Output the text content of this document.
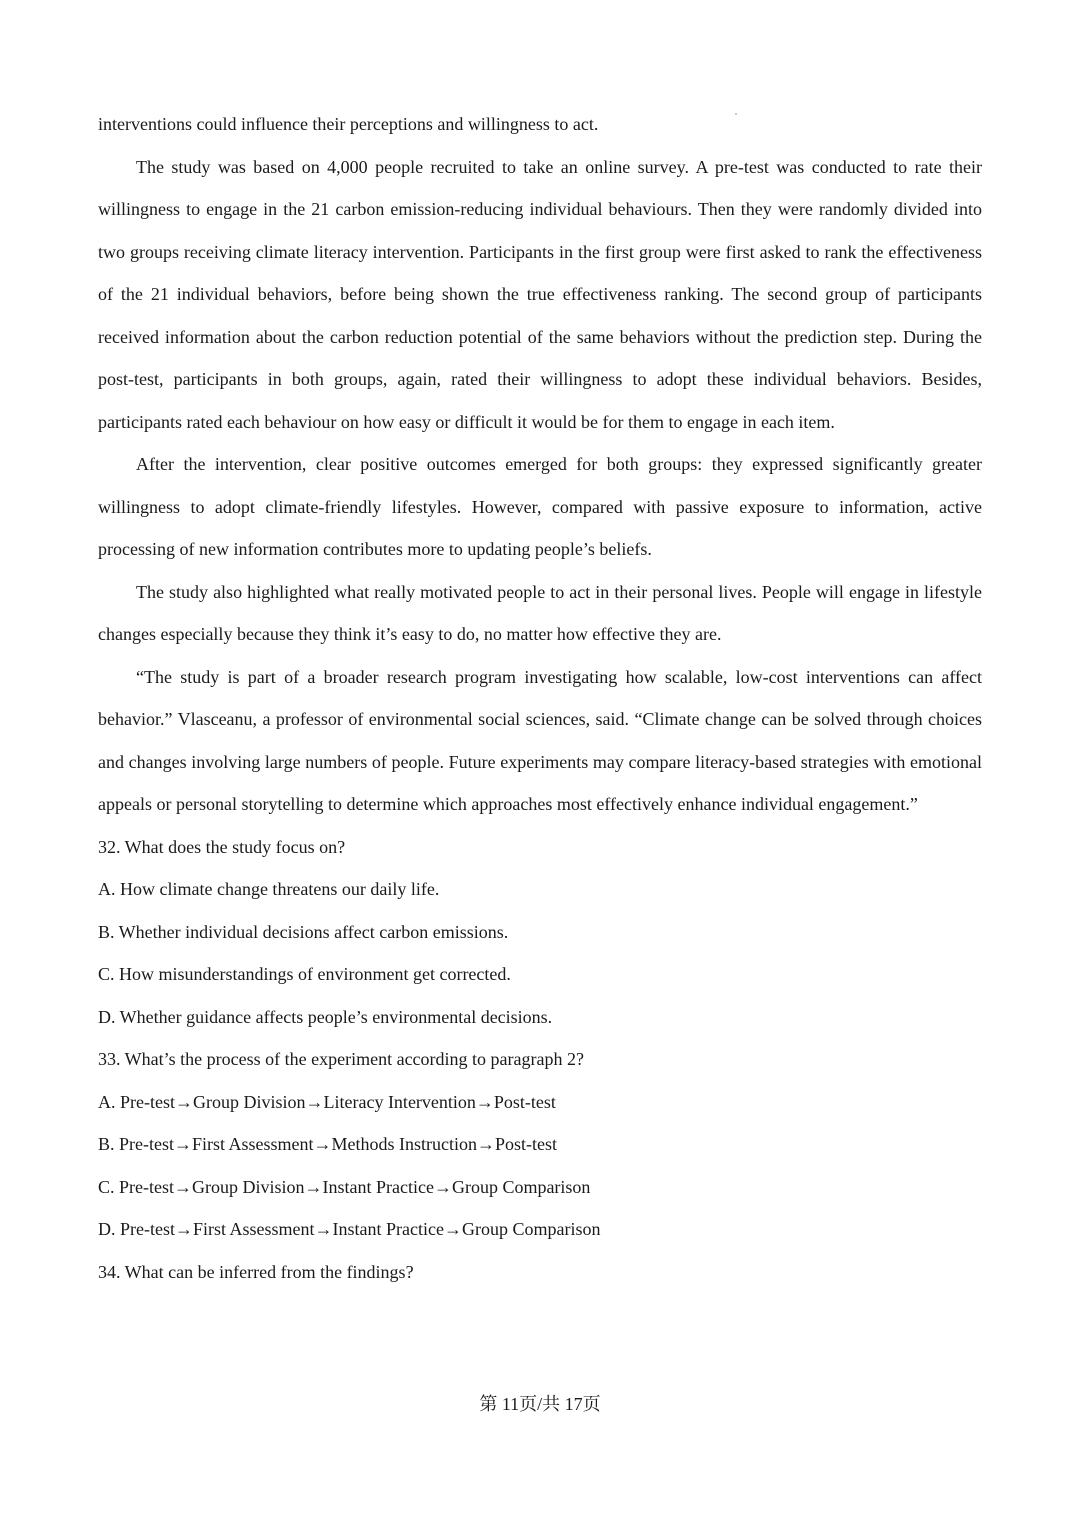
interventions could influence their perceptions and willingness to act.

The study was based on 4,000 people recruited to take an online survey. A pre-test was conducted to rate their willingness to engage in the 21 carbon emission-reducing individual behaviours. Then they were randomly divided into two groups receiving climate literacy intervention. Participants in the first group were first asked to rank the effectiveness of the 21 individual behaviors, before being shown the true effectiveness ranking. The second group of participants received information about the carbon reduction potential of the same behaviors without the prediction step. During the post-test, participants in both groups, again, rated their willingness to adopt these individual behaviors. Besides, participants rated each behaviour on how easy or difficult it would be for them to engage in each item.

After the intervention, clear positive outcomes emerged for both groups: they expressed significantly greater willingness to adopt climate-friendly lifestyles. However, compared with passive exposure to information, active processing of new information contributes more to updating people’s beliefs.

The study also highlighted what really motivated people to act in their personal lives. People will engage in lifestyle changes especially because they think it’s easy to do, no matter how effective they are.

“The study is part of a broader research program investigating how scalable, low-cost interventions can affect behavior.” Vlasceanu, a professor of environmental social sciences, said. “Climate change can be solved through choices and changes involving large numbers of people. Future experiments may compare literacy-based strategies with emotional appeals or personal storytelling to determine which approaches most effectively enhance individual engagement.”

32. What does the study focus on?

A. How climate change threatens our daily life.

B. Whether individual decisions affect carbon emissions.

C. How misunderstandings of environment get corrected.

D. Whether guidance affects people’s environmental decisions.

33. What’s the process of the experiment according to paragraph 2?

A. Pre-test→Group Division→Literacy Intervention→Post-test

B. Pre-test→First Assessment→Methods Instruction→Post-test

C. Pre-test→Group Division→Instant Practice→Group Comparison

D. Pre-test→First Assessment→Instant Practice→Group Comparison

34. What can be inferred from the findings?

第 11页/共 17页
